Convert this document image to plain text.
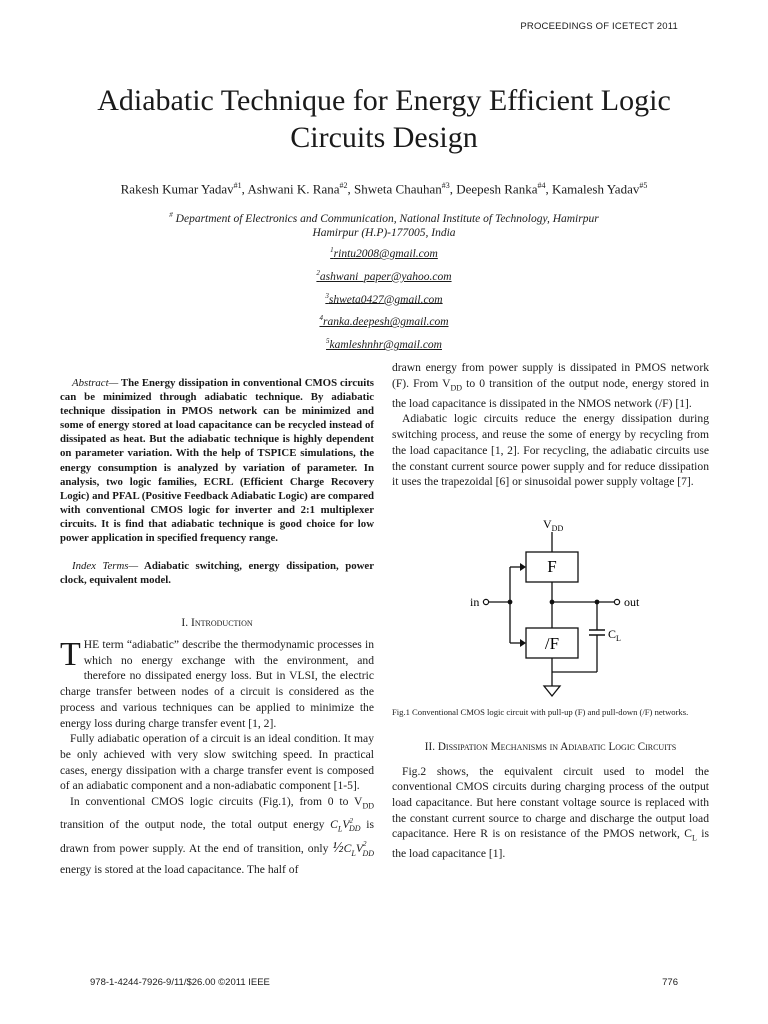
PROCEEDINGS OF ICETECT 2011
Adiabatic Technique for Energy Efficient Logic
Circuits Design
Rakesh Kumar Yadav$^{\#1}$, Ashwani K. Rana$^{\#2}$, Shweta Chauhan$^{\#3}$, Deepesh Ranka$^{\#4}$, Kamalesh Yadav$^{\#5}$
# Department of Electronics and Communication, National Institute of Technology, Hamirpur
Hamirpur (H.P)-177005, India
$^1$rintu2008@gmail.com
$^2$ashwani_paper@yahoo.com
$^3$shweta0427@gmail.com
$^4$ranka.deepesh@gmail.com
$^5$kamleshnhr@gmail.com

Abstract— The Energy dissipation in conventional CMOS circuits can be minimized through adiabatic technique. By adiabatic technique dissipation in PMOS network can be minimized and some of energy stored at load capacitance can be recycled instead of dissipated as heat. But the adiabatic technique is highly dependent on parameter variation. With the help of TSPICE simulations, the energy consumption is analyzed by variation of parameter. In analysis, two logic families, ECRL (Efficient Charge Recovery Logic) and PFAL (Positive Feedback Adiabatic Logic) are compared with conventional CMOS logic for inverter and 2:1 multiplexer circuits. It is find that adiabatic technique is good choice for low power application in specified frequency range.

Index Terms— Adiabatic switching, energy dissipation, power clock, equivalent model.

I. Introduction

THE term “adiabatic” describe the thermodynamic processes in which no energy exchange with the environment, and therefore no dissipated energy loss. But in VLSI, the electric charge transfer between nodes of a circuit is considered as the process and various techniques can be applied to minimize the energy loss during charge transfer event [1, 2].

Fully adiabatic operation of a circuit is an ideal condition. It may be only achieved with very slow switching speed. In practical cases, energy dissipation with a charge transfer event is composed of an adiabatic component and a non-adiabatic component [1-5].

In conventional CMOS logic circuits (Fig.1), from 0 to $V_{DD}$ transition of the output node, the total output energy $C_LV^2_{DD}$ is drawn from power supply. At the end of transition, only $\frac{1}{2}C_LV^2_{DD}$ energy is stored at the load capacitance. The half of

drawn energy from power supply is dissipated in PMOS network (F). From $V_{DD}$ to 0 transition of the output node, energy stored in the load capacitance is dissipated in the NMOS network (/F) [1].

Adiabatic logic circuits reduce the energy dissipation during switching process, and reuse the some of energy by recycling from the load capacitance [1, 2]. For recycling, the adiabatic circuits use the constant current source power supply and for reduce dissipation it uses the trapezoidal [6] or sinusoidal power supply voltage [7].

$V_{DD}$
F
/F
in	out
$C_L$
Fig.1 Conventional CMOS logic circuit with pull-up (F) and pull-down (/F) networks.
II. Dissipation Mechanisms in Adiabatic Logic Circuits

Fig.2 shows, the equivalent circuit used to model the conventional CMOS circuits during charging process of the output load capacitance. But here constant voltage source is replaced with the constant current source to charge and discharge the output load capacitance. Here R is on resistance of the PMOS network, $C_L$ is the load capacitance [1].

978-1-4244-7926-9/11/$26.00 ©2011 IEEE	776
